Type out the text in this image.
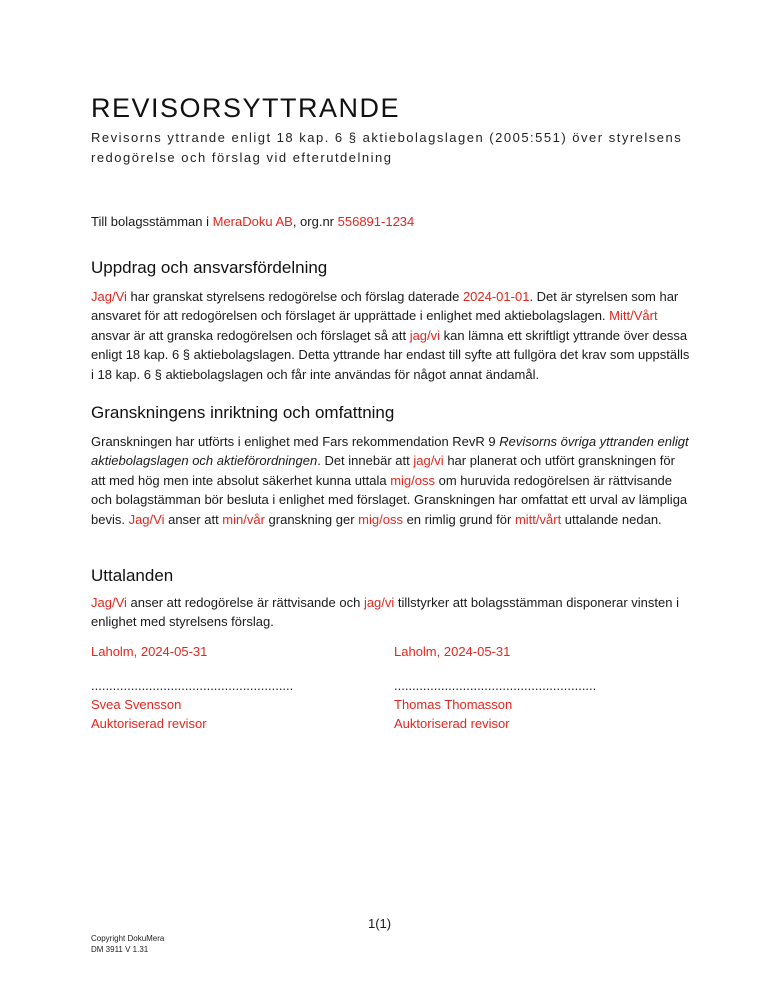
REVISORSYTTRANDE

Revisorns yttrande enligt 18 kap. 6 § aktiebolagslagen (2005:551) över styrelsens redogörelse och förslag vid efterutdelning

Till bolagsstämman i MeraDoku AB, org.nr 556891-1234

Uppdrag och ansvarsfördelning

Jag/Vi har granskat styrelsens redogörelse och förslag daterade 2024-01-01. Det är styrelsen som har ansvaret för att redogörelsen och förslaget är upprättade i enlighet med aktiebolagslagen. Mitt/Vårt ansvar är att granska redogörelsen och förslaget så att jag/vi kan lämna ett skriftligt yttrande över dessa enligt 18 kap. 6 § aktiebolagslagen. Detta yttrande har endast till syfte att fullgöra det krav som uppställs i 18 kap. 6 § aktiebolagslagen och får inte användas för något annat ändamål.

Granskningens inriktning och omfattning

Granskningen har utförts i enlighet med Fars rekommendation RevR 9 Revisorns övriga yttranden enligt aktiebolagslagen och aktieförordningen. Det innebär att jag/vi har planerat och utfört granskningen för att med hög men inte absolut säkerhet kunna uttala mig/oss om huruvida redogörelsen är rättvisande och bolagstämman bör besluta i enlighet med förslaget. Granskningen har omfattat ett urval av lämpliga bevis. Jag/Vi anser att min/vår granskning ger mig/oss en rimlig grund för mitt/vårt uttalande nedan.

Uttalanden

Jag/Vi anser att redogörelse är rättvisande och jag/vi tillstyrker att bolagsstämman disponerar vinsten i enlighet med styrelsens förslag.

Laholm, 2024-05-31

........................................................

Svea Svensson

Auktoriserad revisor

Laholm, 2024-05-31

........................................................

Thomas Thomasson

Auktoriserad revisor

1(1)
Copyright DokuMera
DM 3911 V 1.31
